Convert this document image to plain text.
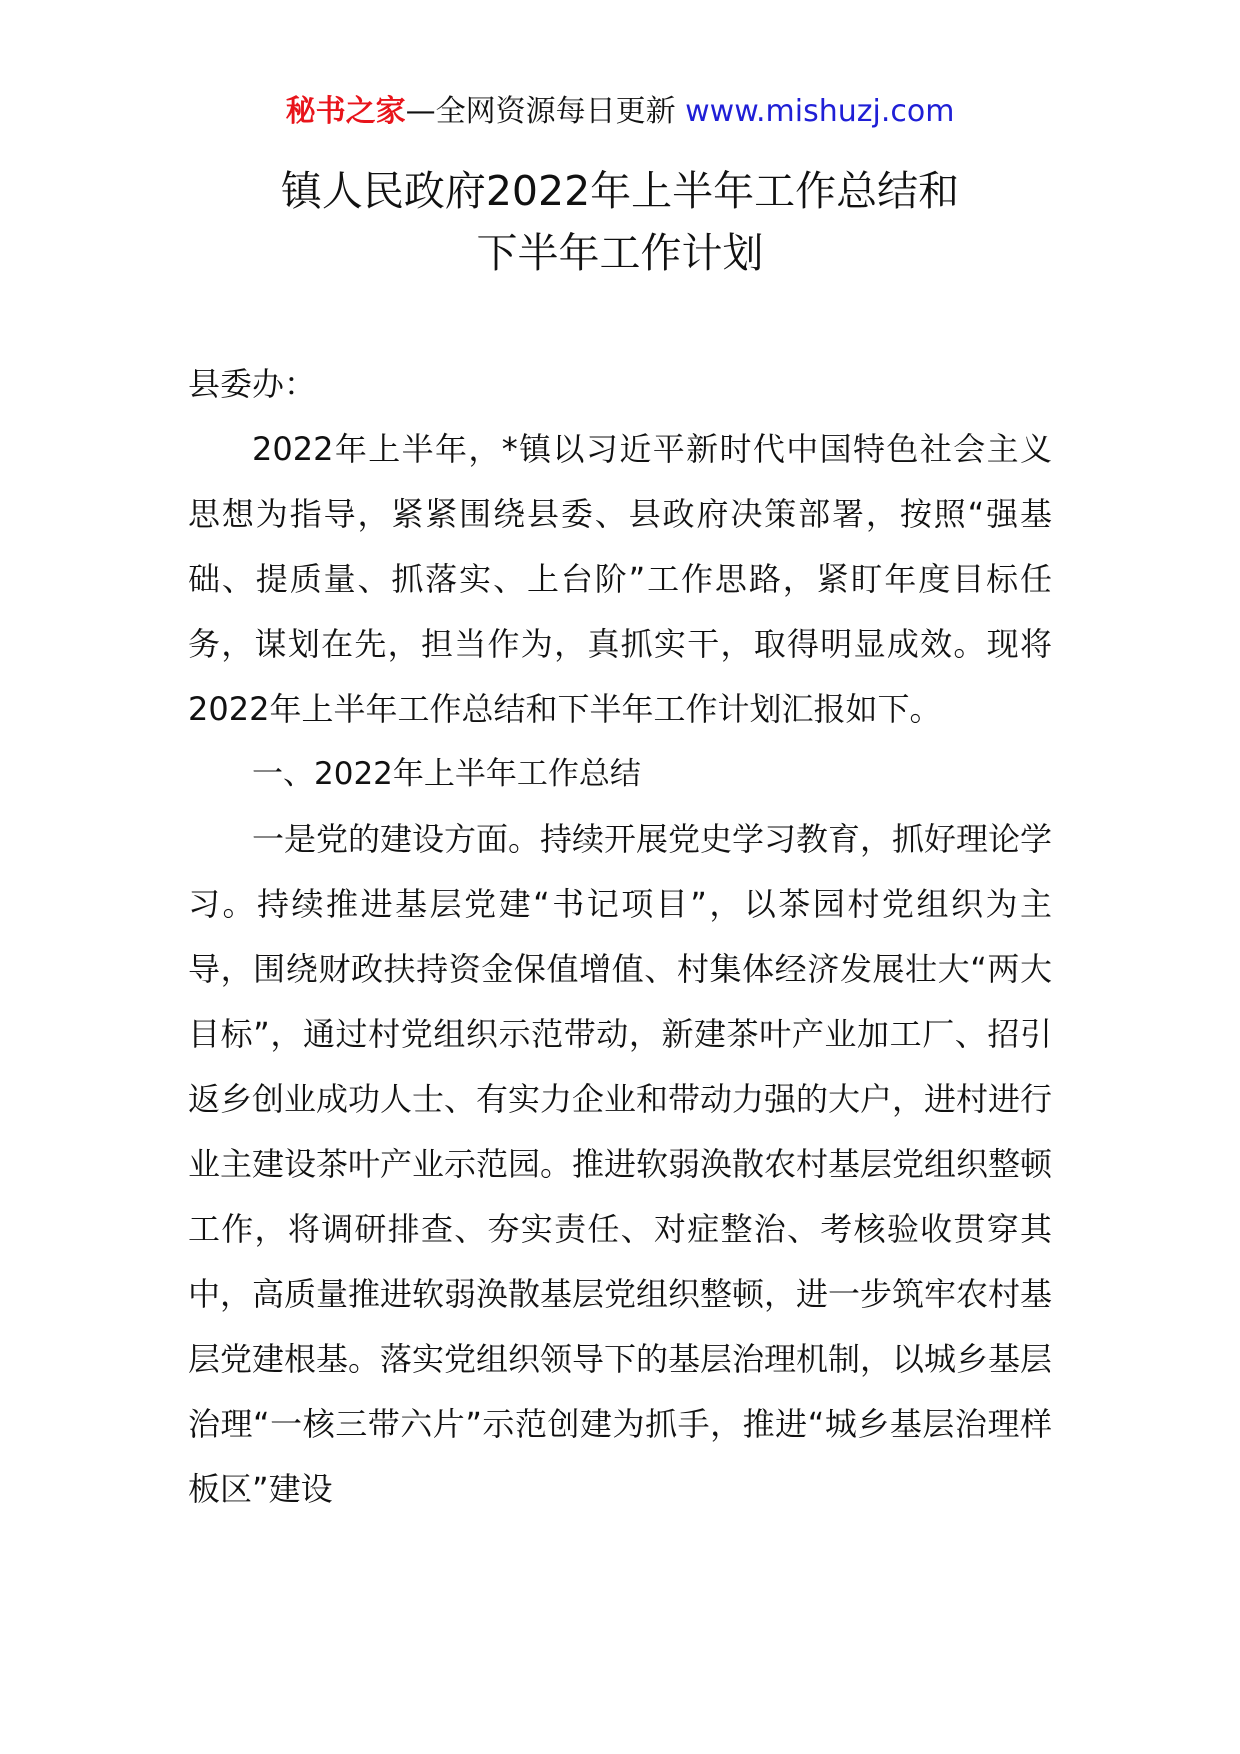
秘书之家—全网资源每日更新 www.mishuzj.com
镇人民政府2022年上半年工作总结和
下半年工作计划

县委办：

2022年上半年，*镇以习近平新时代中国特色社会主义思想为指导，紧紧围绕县委、县政府决策部署，按照“强基础、提质量、抓落实、上台阶”工作思路，紧盯年度目标任务，谋划在先，担当作为，真抓实干，取得明显成效。现将2022年上半年工作总结和下半年工作计划汇报如下。

一、2022年上半年工作总结

一是党的建设方面。持续开展党史学习教育，抓好理论学习。持续推进基层党建“书记项目”，以茶园村党组织为主导，围绕财政扶持资金保值增值、村集体经济发展壮大“两大目标”，通过村党组织示范带动，新建茶叶产业加工厂、招引返乡创业成功人士、有实力企业和带动力强的大户，进村进行业主建设茶叶产业示范园。推进软弱涣散农村基层党组织整顿工作，将调研排查、夯实责任、对症整治、考核验收贯穿其中，高质量推进软弱涣散基层党组织整顿，进一步筑牢农村基层党建根基。落实党组织领导下的基层治理机制，以城乡基层治理“一核三带六片”示范创建为抓手，推进“城乡基层治理样板区”建设
